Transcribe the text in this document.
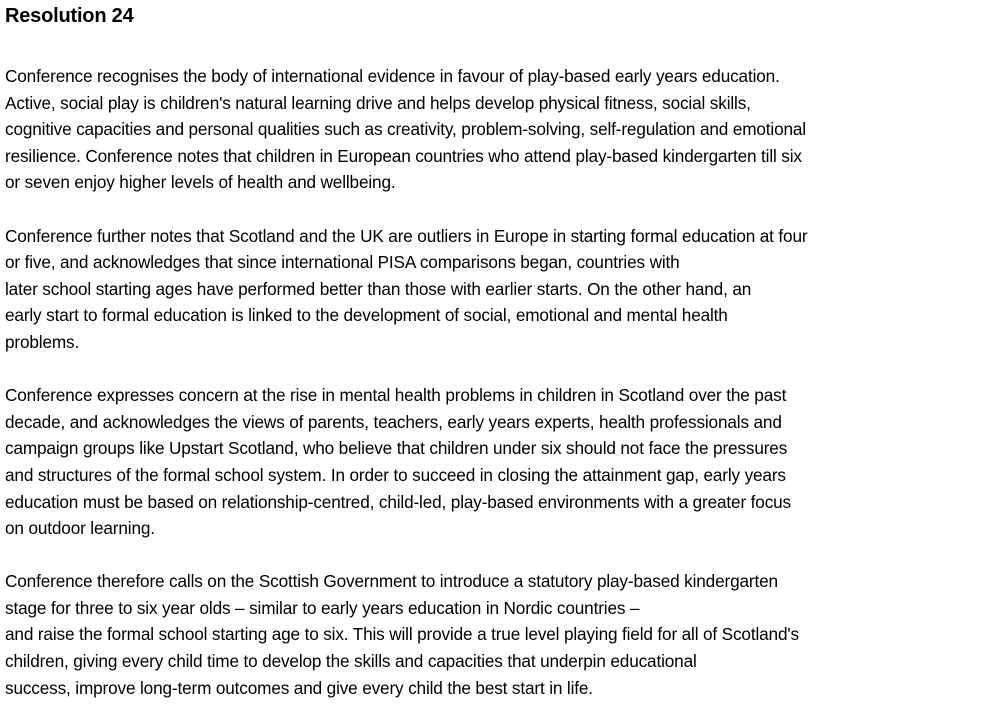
Resolution 24

Conference recognises the body of international evidence in favour of play-based early years education.
Active, social play is children's natural learning drive and helps develop physical fitness, social skills,
cognitive capacities and personal qualities such as creativity, problem-solving, self-regulation and emotional
resilience. Conference notes that children in European countries who attend play-based kindergarten till six
or seven enjoy higher levels of health and wellbeing.

Conference further notes that Scotland and the UK are outliers in Europe in starting formal education at four
or five, and acknowledges that since international PISA comparisons began, countries with
later school starting ages have performed better than those with earlier starts. On the other hand, an
early start to formal education is linked to the development of social, emotional and mental health
problems.

Conference expresses concern at the rise in mental health problems in children in Scotland over the past
decade, and acknowledges the views of parents, teachers, early years experts, health professionals and
campaign groups like Upstart Scotland, who believe that children under six should not face the pressures
and structures of the formal school system. In order to succeed in closing the attainment gap, early years
education must be based on relationship-centred, child-led, play-based environments with a greater focus
on outdoor learning.

Conference therefore calls on the Scottish Government to introduce a statutory play-based kindergarten
stage for three to six year olds – similar to early years education in Nordic countries –
and raise the formal school starting age to six. This will provide a true level playing field for all of Scotland's
children, giving every child time to develop the skills and capacities that underpin educational
success, improve long-term outcomes and give every child the best start in life.
